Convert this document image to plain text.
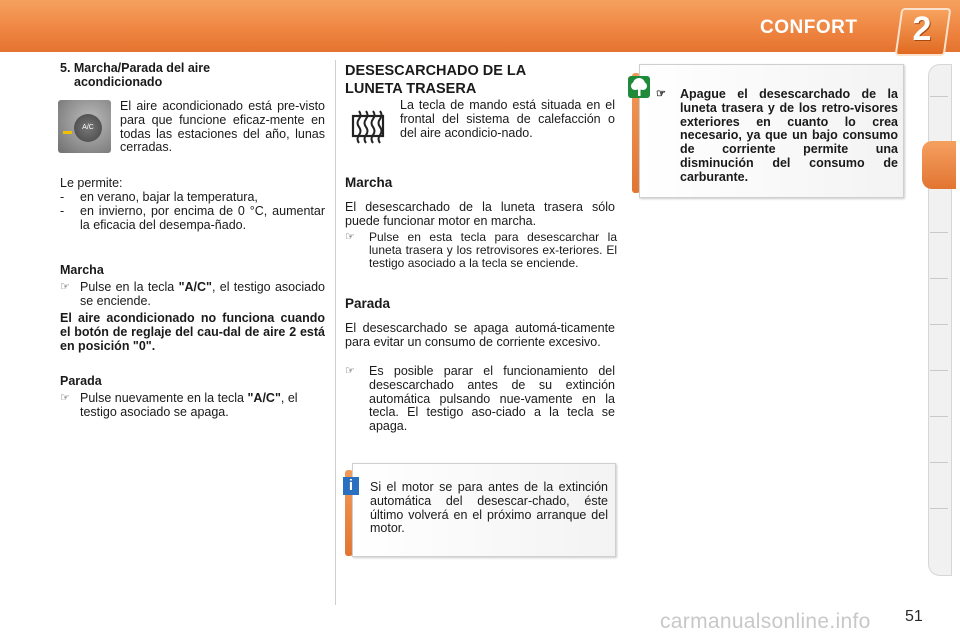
CONFORT	2
5. Marcha/Parada del aire
acondicionado
A/C
El aire acondicionado está pre-visto para que funcione eficaz-mente en todas las estaciones del año, lunas cerradas.
Le permite:
-	en verano, bajar la temperatura,
-	en invierno, por encima de 0 °C, aumentar la eficacia del desempa-ñado.
Marcha
☞ Pulse en la tecla "A/C", el testigo asociado se enciende.
El aire acondicionado no funciona cuando el botón de reglaje del cau-dal de aire 2 está en posición "0".
Parada
☞ Pulse nuevamente en la tecla "A/C", el testigo asociado se apaga.
DESESCARCHADO DE LA
LUNETA TRASERA
La tecla de mando está situada en el frontal del sistema de calefacción o del aire acondicio-nado.
Marcha
El desescarchado de la luneta trasera sólo puede funcionar motor en marcha.
☞	Pulse en esta tecla para desescarchar la luneta trasera y los retrovisores ex-teriores. El testigo asociado a la tecla se enciende.
Parada
El desescarchado se apaga automá-ticamente para evitar un consumo de corriente excesivo.
☞	Es posible parar el funcionamiento del desescarchado antes de su extinción automática pulsando nue-vamente en la tecla. El testigo aso-ciado a la tecla se apaga.
i	Si el motor se para antes de la extinción automática del desescar-chado, éste último volverá en el próximo arranque del motor.
☞	Apague el desescarchado de la luneta trasera y de los retro-visores exteriores en cuanto lo crea necesario, ya que un bajo consumo de corriente permite una disminución del consumo de carburante.
carmanualsonline.info 51
